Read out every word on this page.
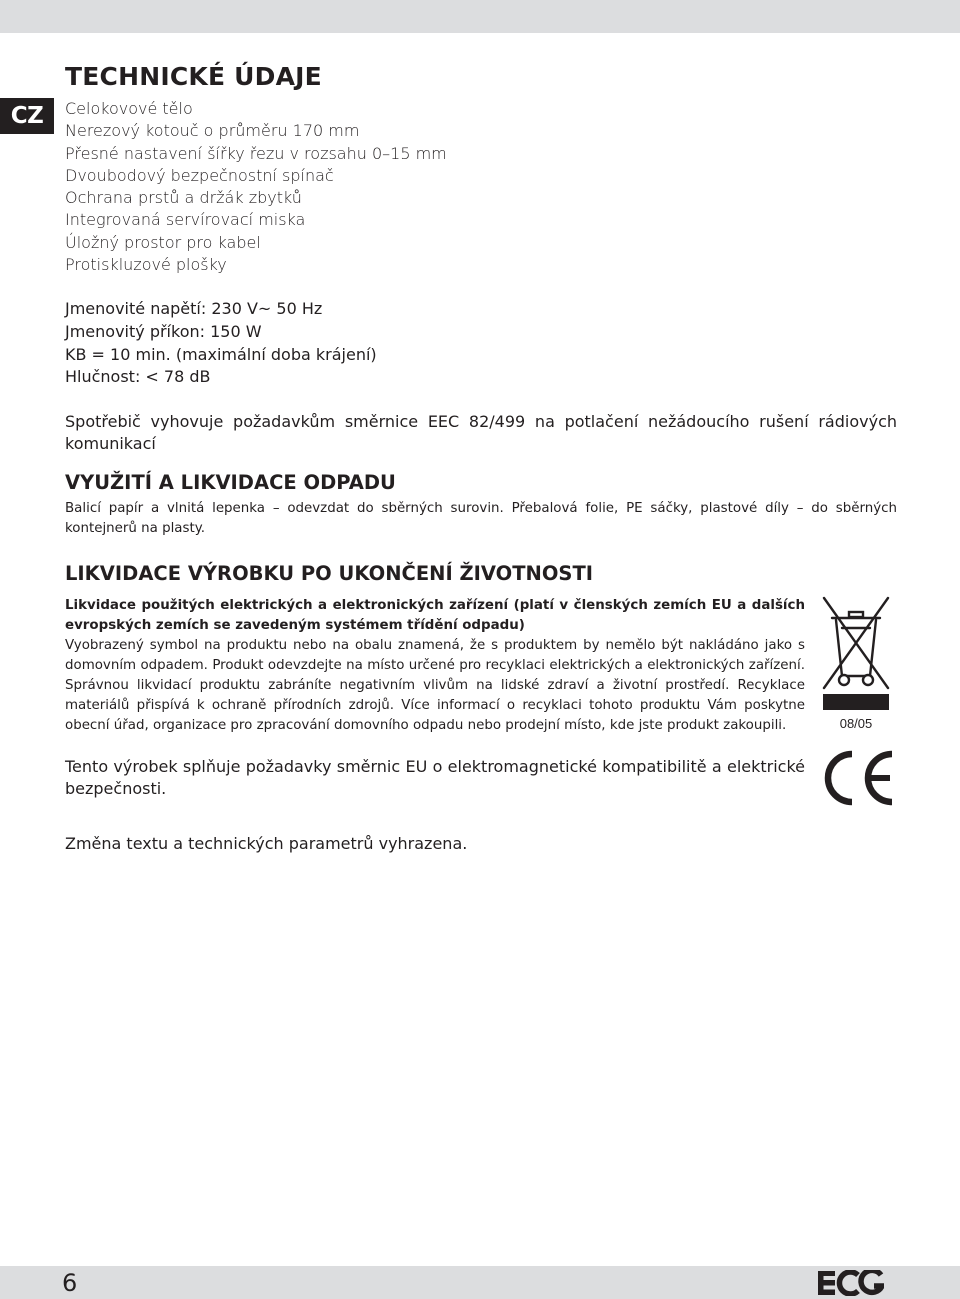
CZ
TECHNICKÉ ÚDAJE
Celokovové tělo
Nerezový kotouč o průměru 170 mm
Přesné nastavení šířky řezu v rozsahu 0–15 mm
Dvoubodový bezpečnostní spínač
Ochrana prstů a držák zbytků
Integrovaná servírovací miska
Úložný prostor pro kabel
Protiskluzové plošky
Jmenovité napětí: 230 V~ 50 Hz
Jmenovitý příkon: 150 W
KB = 10 min. (maximální doba krájení)
Hlučnost: < 78 dB

Spotřebič vyhovuje požadavkům směrnice EEC 82/499 na potlačení nežádoucího rušení rádiových komunikací

VYUŽITÍ A LIKVIDACE ODPADU

Balicí papír a vlnitá lepenka – odevzdat do sběrných surovin. Přebalová folie, PE sáčky, plastové díly – do sběrných kontejnerů na plasty.

LIKVIDACE VÝROBKU PO UKONČENÍ ŽIVOTNOSTI
Likvidace použitých elektrických a elektronických zařízení (platí v členských zemích EU a dalších evropských zemích se zavedeným systémem třídění odpadu)
Vyobrazený symbol na produktu nebo na obalu znamená, že s produktem by nemělo být nakládáno jako s domovním odpadem. Produkt odevzdejte na místo určené pro recyklaci elektrických a elektronických zařízení. Správnou likvidací produktu zabráníte negativním vlivům na lidské zdraví a životní prostředí. Recyklace materiálů přispívá k ochraně přírodních zdrojů. Více informací o recyklaci tohoto produktu Vám poskytne obecní úřad, organizace pro zpracování domovního odpadu nebo prodejní místo, kde jste produkt zakoupili.	08/05
Tento výrobek splňuje požadavky směrnic EU o elektromagnetické kompatibilitě a elektrické bezpečnosti.

Změna textu a technických parametrů vyhrazena.

6
